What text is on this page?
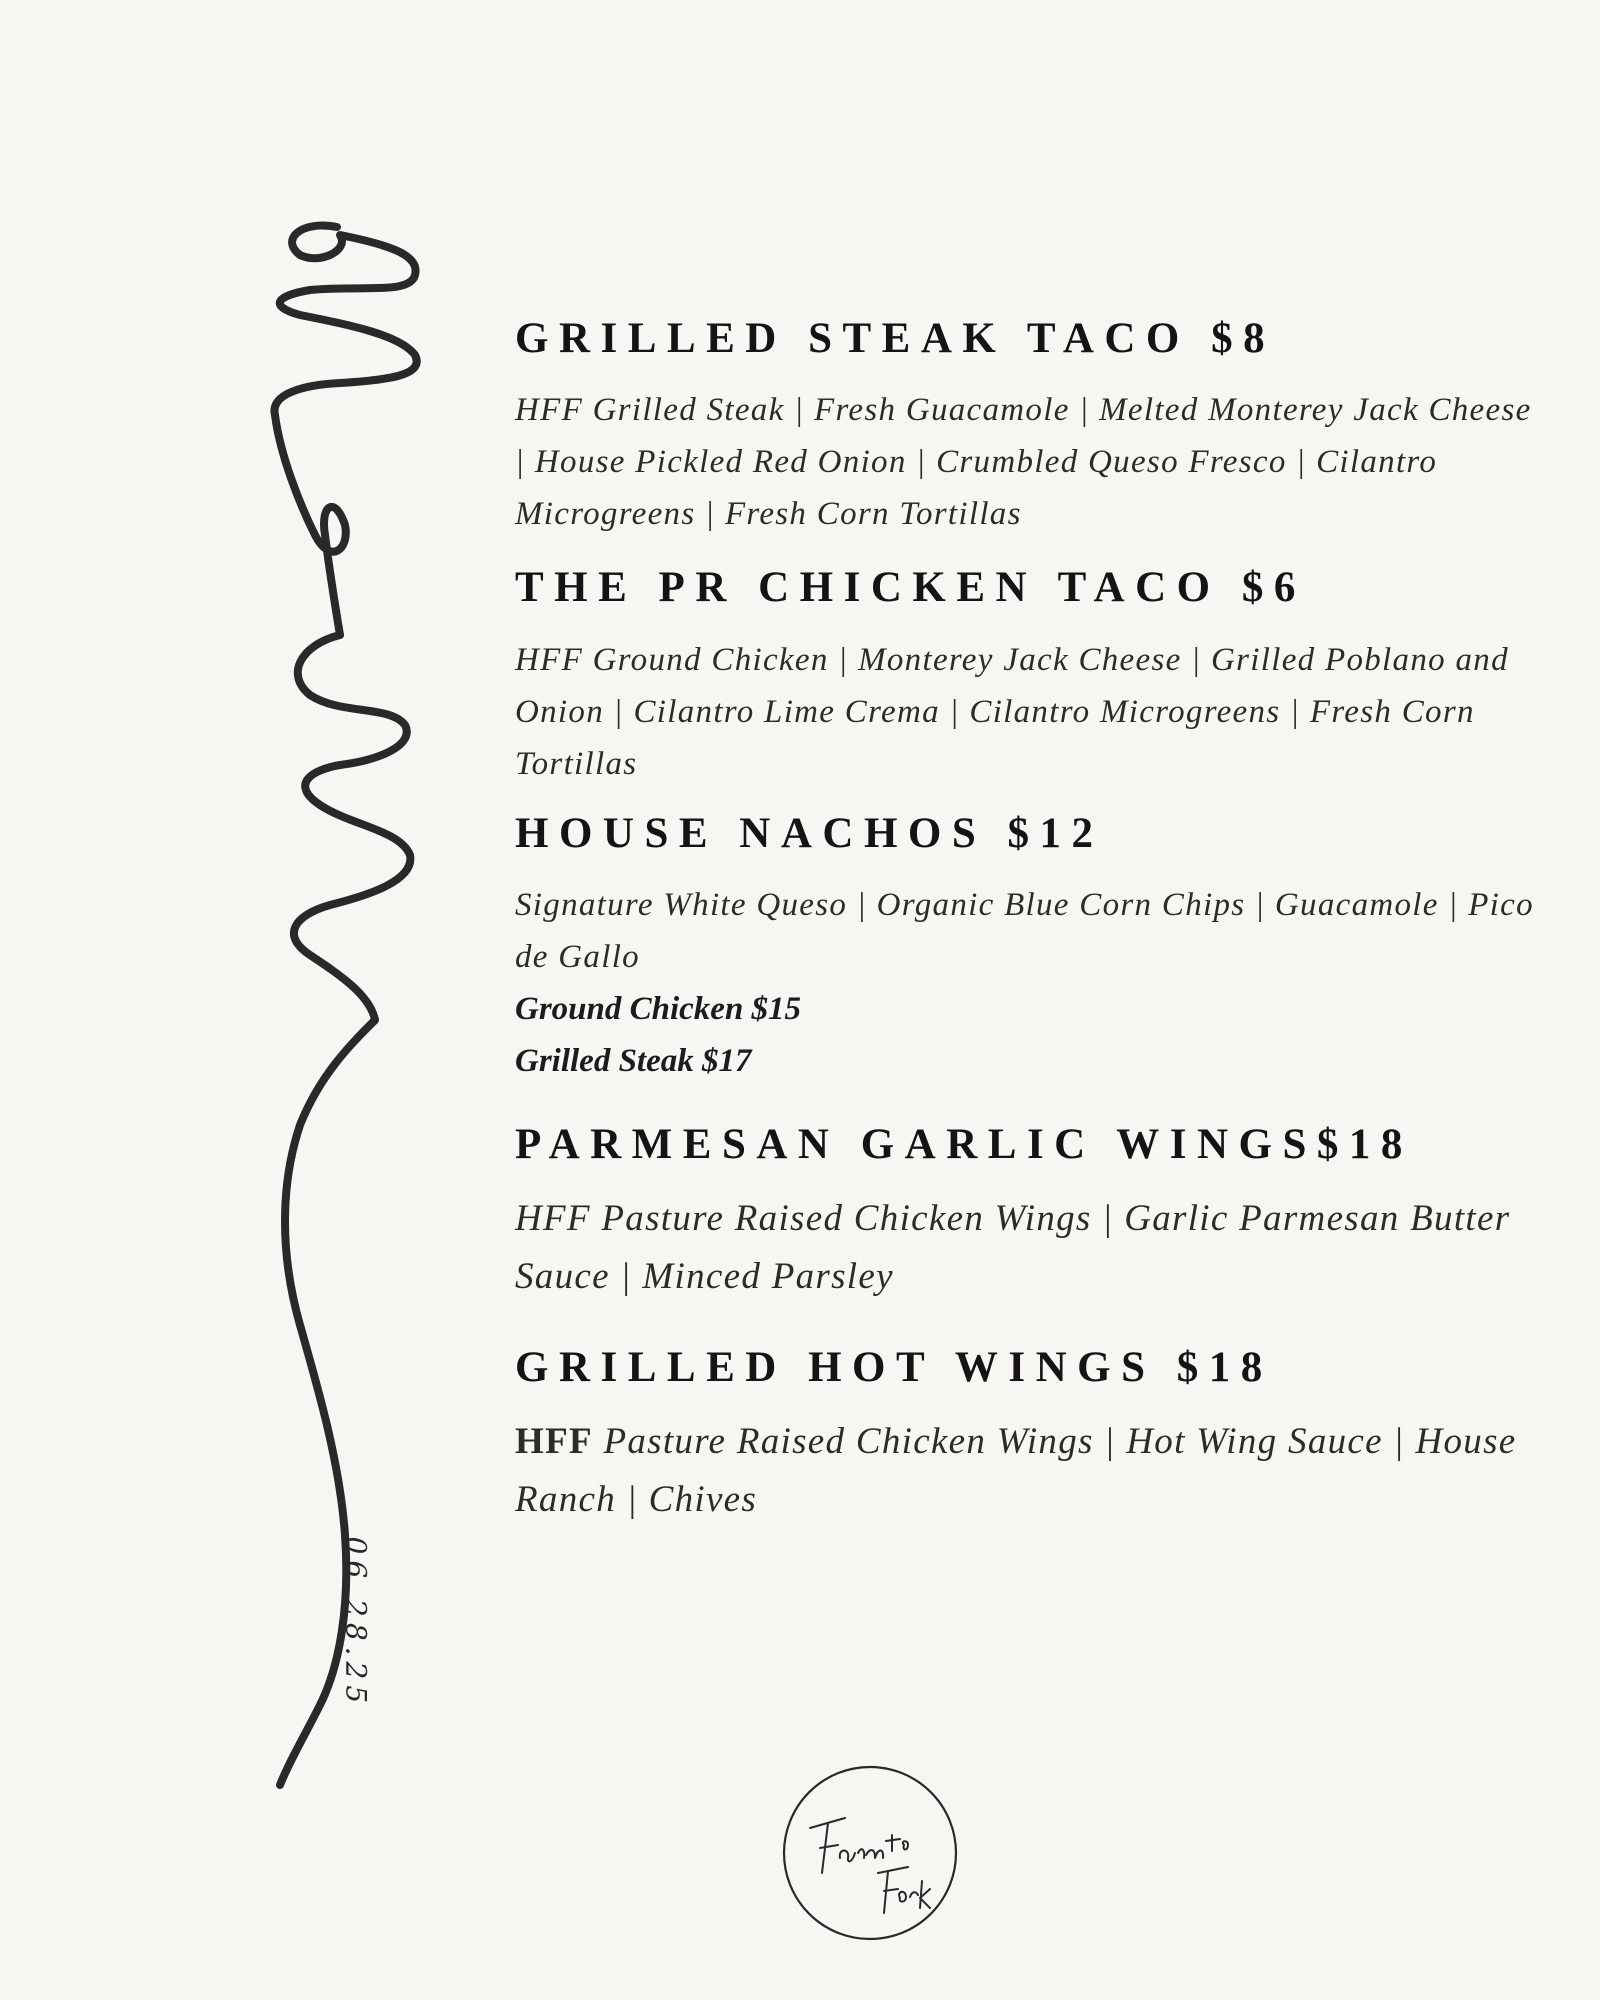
06.28.25
GRILLED STEAK TACO $8

HFF Grilled Steak | Fresh Guacamole | Melted Monterey Jack Cheese | House Pickled Red Onion | Crumbled Queso Fresco | Cilantro Microgreens | Fresh Corn Tortillas

THE PR CHICKEN TACO $6

HFF Ground Chicken | Monterey Jack Cheese | Grilled Poblano and Onion | Cilantro Lime Crema | Cilantro Microgreens | Fresh Corn Tortillas

HOUSE NACHOS $12

Signature White Queso | Organic Blue Corn Chips | Guacamole | Pico de Gallo

Ground Chicken $15
Grilled Steak $17
PARMESAN GARLIC WINGS$18

HFF Pasture Raised Chicken Wings | Garlic Parmesan Butter Sauce | Minced Parsley

GRILLED HOT WINGS $18

HFF Pasture Raised Chicken Wings | Hot Wing Sauce | House Ranch | Chives
